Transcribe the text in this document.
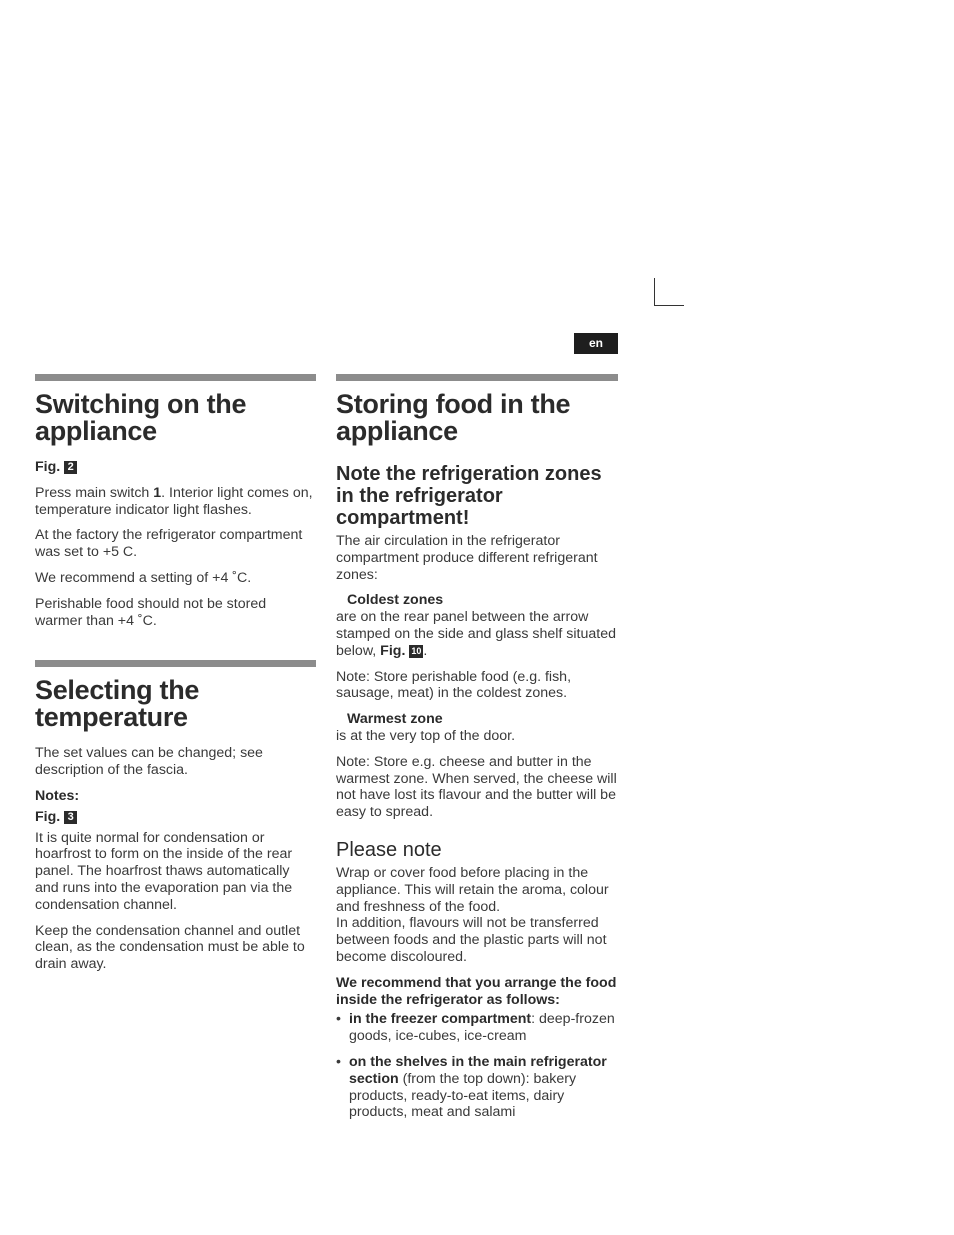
en
Switching on the appliance

Fig. 2

Press main switch 1. Interior light comes on, temperature indicator light flashes.

At the factory the refrigerator compartment was set to +5 C.

We recommend a setting of +4 ˚C.

Perishable food should not be stored warmer than +4 ˚C.

Selecting the temperature

The set values can be changed; see description of the fascia.

Notes:

Fig. 3

It is quite normal for condensation or hoarfrost to form on the inside of the rear panel. The hoarfrost thaws automatically and runs into the evaporation pan via the condensation channel.

Keep the condensation channel and outlet clean, as the condensation must be able to drain away.

Storing food in the appliance
Note the refrigeration zones in the refrigerator compartment!

The air circulation in the refrigerator compartment produce different refrigerant zones:

Coldest zones
are on the rear panel between the arrow stamped on the side and glass shelf situated below, Fig. 10 .

Note: Store perishable food (e.g. fish, sausage, meat) in the coldest zones.

Warmest zone
is at the very top of the door.

Note: Store e.g. cheese and butter in the warmest zone. When served, the cheese will not have lost its flavour and the butter will be easy to spread.

Please note

Wrap or cover food before placing in the appliance. This will retain the aroma, colour and freshness of the food.

In addition, flavours will not be transferred between foods and the plastic parts will not become discoloured.

We recommend that you arrange the food inside the refrigerator as follows:

• in the freezer compartment: deep-frozen goods, ice-cubes, ice-cream
• on the shelves in the main refrigerator section (from the top down): bakery products, ready-to-eat items, dairy products, meat and salami
